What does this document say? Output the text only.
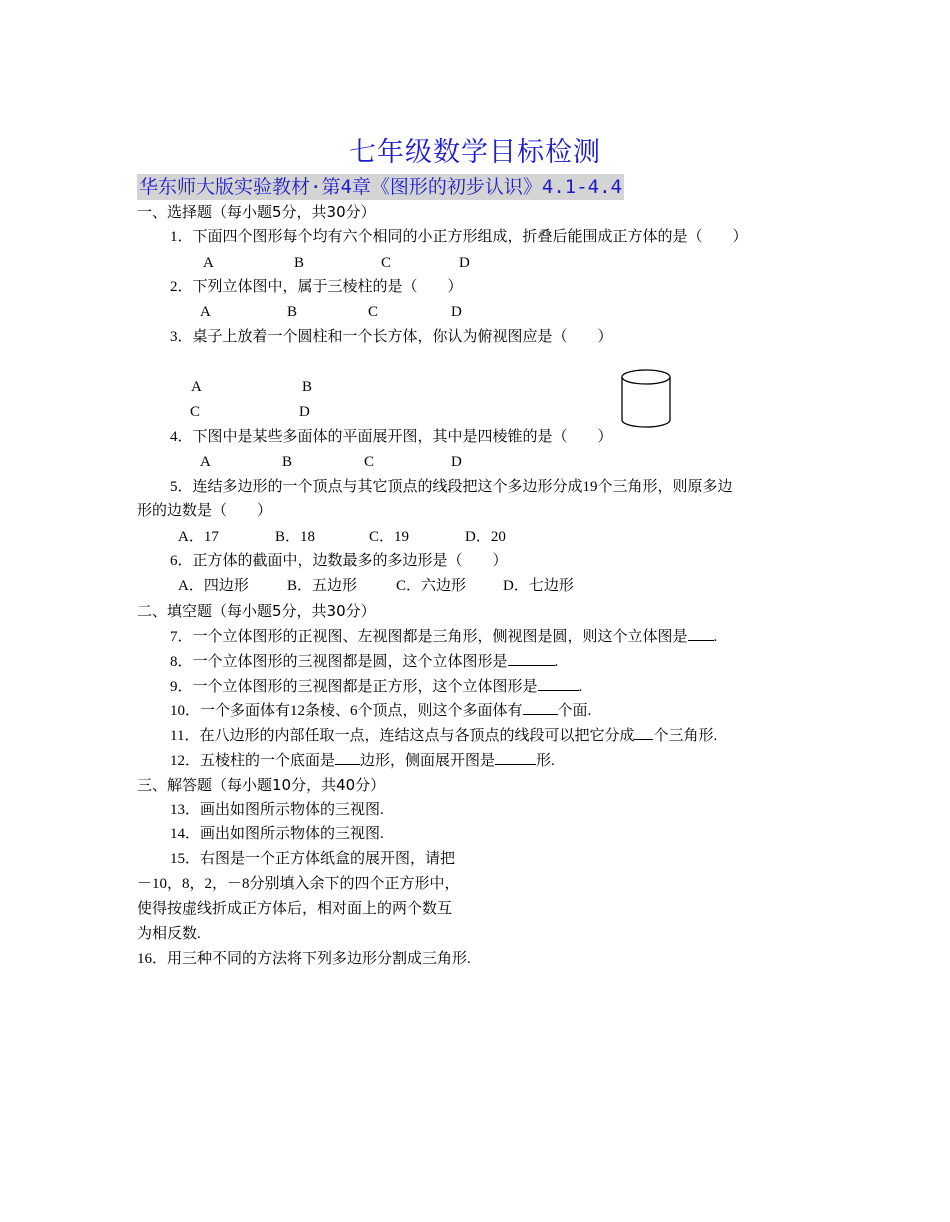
七年级数学目标检测
华东师大版实验教材·第4章《图形的初步认识》4.1-4.4
一、选择题（每小题5分，共30分）
1．下面四个图形每个均有六个相同的小正方形组成，折叠后能围成正方体的是（　　）
A	B	C	D
2．下列立体图中，属于三棱柱的是（　　）
A	B	C	D
3．桌子上放着一个圆柱和一个长方体，你认为俯视图应是（　　）
A	B
C	D
4．下图中是某些多面体的平面展开图，其中是四棱锥的是（　　）
A	B	C	D
5．连结多边形的一个顶点与其它顶点的线段把这个多边形分成19个三角形，则原多边
形的边数是（　　）
A．17	B．18	C．19	D．20
6．正方体的截面中，边数最多的多边形是（　　）
A．四边形	B．五边形	C．六边形 D．七边形
二、填空题（每小题5分，共30分）
7．一个立体图形的正视图、左视图都是三角形，侧视图是圆，则这个立体图是 .
8．一个立体图形的三视图都是圆，这个立体图形是	.
9．一个立体图形的三视图都是正方形，这个立体图形是	.
10．一个多面体有12条棱、6个顶点，则这个多面体有 个面.
11．在八边形的内部任取一点，连结这点与各顶点的线段可以把它分成 个三角形.
12．五棱柱的一个底面是 边形，侧面展开图是	形.
三、解答题（每小题10分，共40分）
13．画出如图所示物体的三视图.
14．画出如图所示物体的三视图.
15．右图是一个正方体纸盒的展开图，请把
－10，8，2，－8分别填入余下的四个正方形中，
使得按虚线折成正方体后，相对面上的两个数互
为相反数.
16．用三种不同的方法将下列多边形分割成三角形.
